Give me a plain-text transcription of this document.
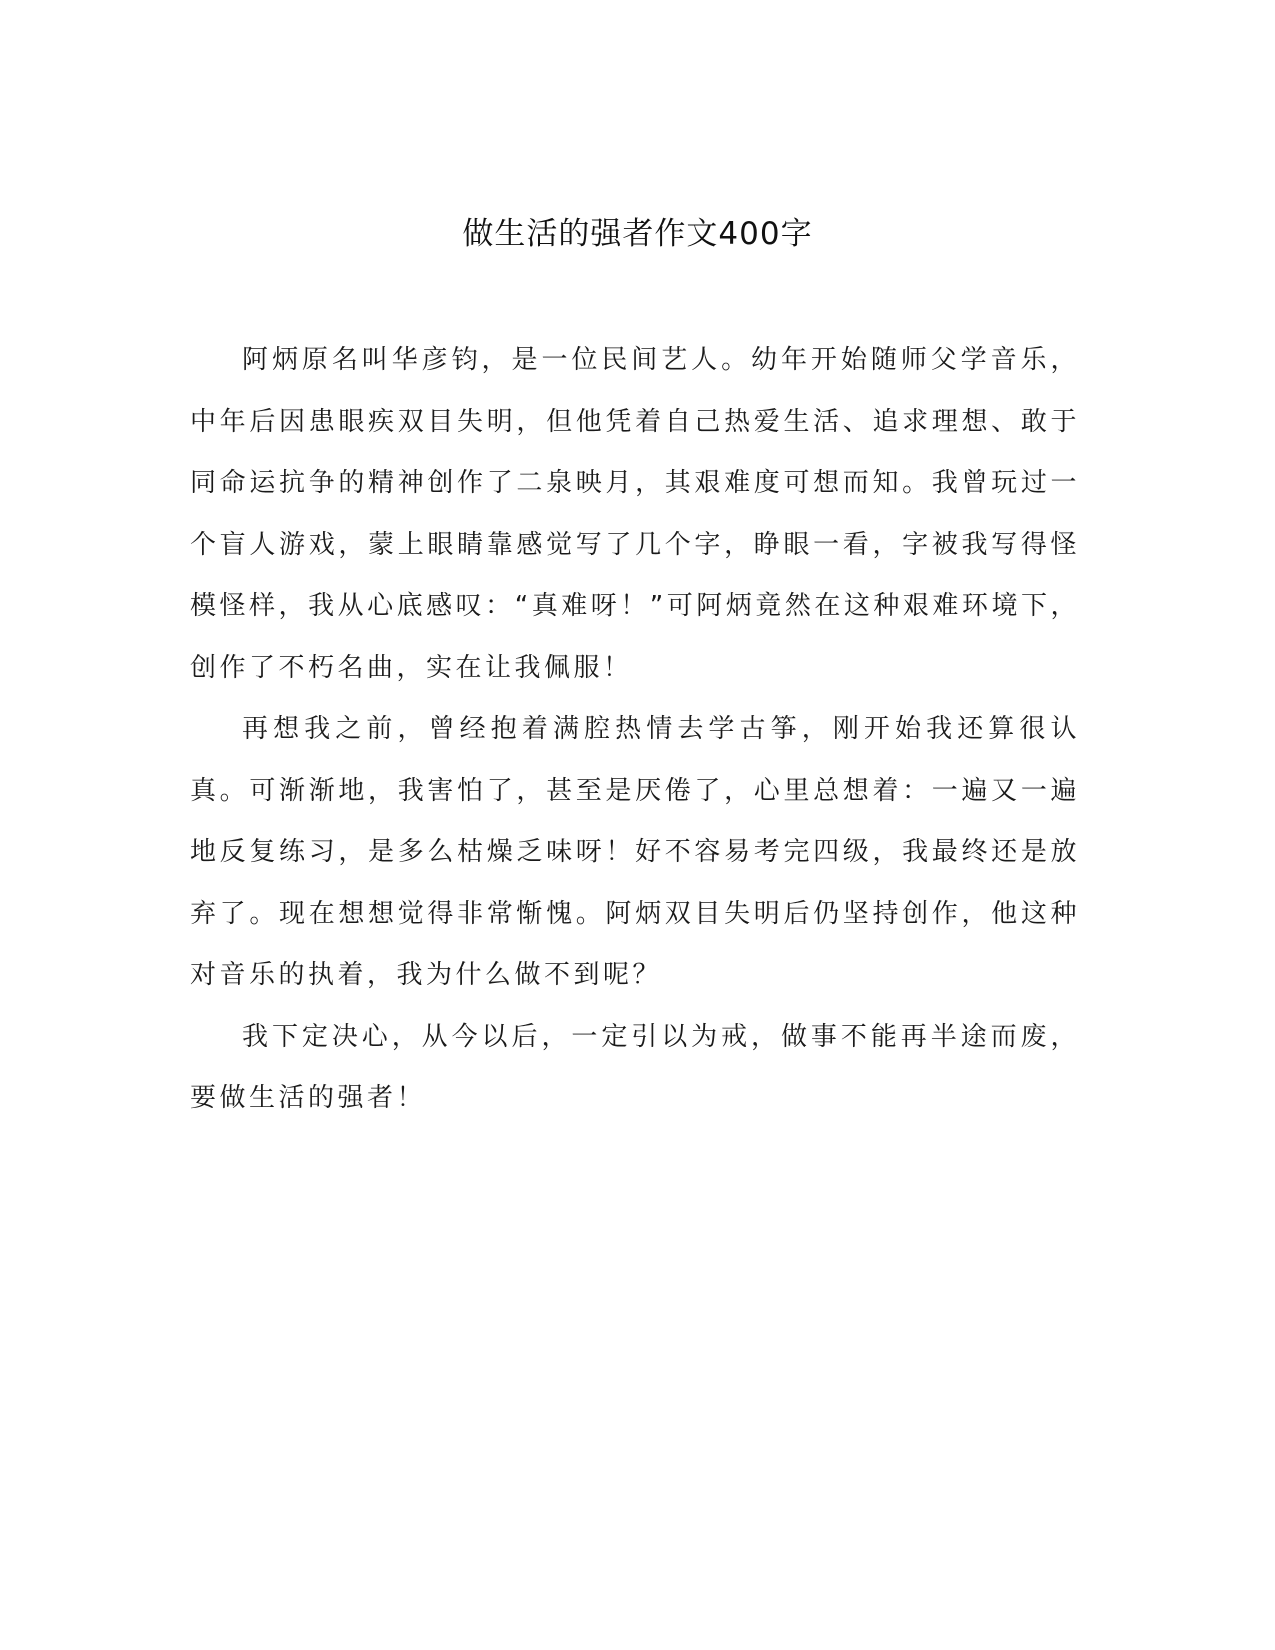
做生活的强者作文400字

阿炳原名叫华彦钧，是一位民间艺人。幼年开始随师父学音乐，中年后因患眼疾双目失明，但他凭着自己热爱生活、追求理想、敢于同命运抗争的精神创作了二泉映月，其艰难度可想而知。我曾玩过一个盲人游戏，蒙上眼睛靠感觉写了几个字，睁眼一看，字被我写得怪模怪样，我从心底感叹：“真难呀！”可阿炳竟然在这种艰难环境下，创作了不朽名曲，实在让我佩服！

再想我之前，曾经抱着满腔热情去学古筝，刚开始我还算很认真。可渐渐地，我害怕了，甚至是厌倦了，心里总想着：一遍又一遍地反复练习，是多么枯燥乏味呀！好不容易考完四级，我最终还是放弃了。现在想想觉得非常惭愧。阿炳双目失明后仍坚持创作，他这种对音乐的执着，我为什么做不到呢？

我下定决心，从今以后，一定引以为戒，做事不能再半途而废，要做生活的强者！
